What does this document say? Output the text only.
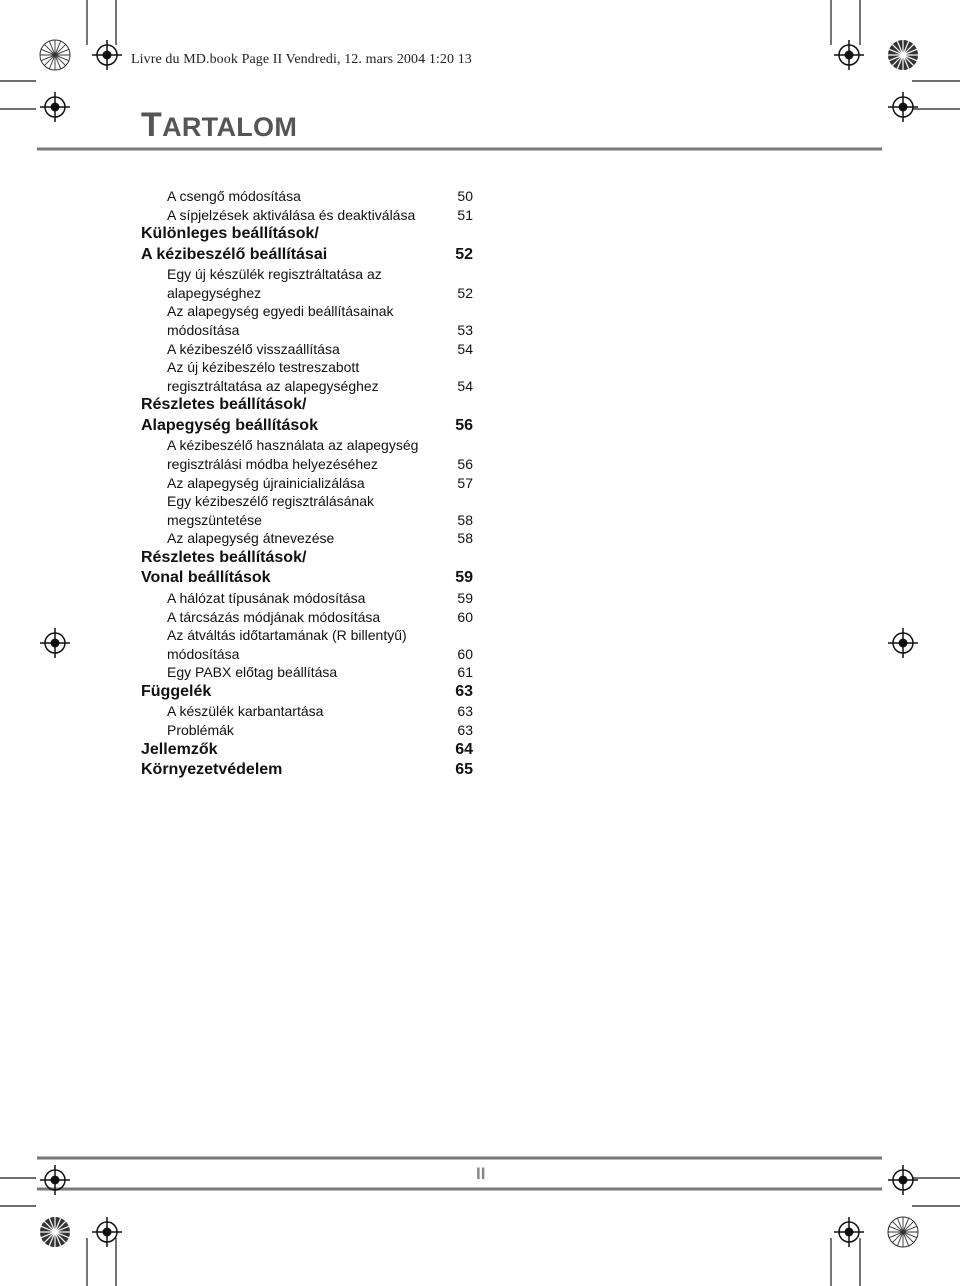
Livre du MD.book Page II Vendredi, 12. mars 2004 1:20 13
TARTALOM
A csengő módosítása	50
A sípjelzések aktiválása és deaktiválása	51
Különleges beállítások/
A kézibeszélő beállításai	52
Egy új készülék regisztráltatása az
alapegységhez	52
Az alapegység egyedi beállításainak
módosítása	53
A kézibeszélő visszaállítása	54
Az új kézibeszélo testreszabott
regisztráltatása az alapegységhez	54
Részletes beállítások/
Alapegység beállítások	56
A kézibeszélő használata az alapegység
regisztrálási módba helyezéséhez	56
Az alapegység újrainicializálása	57
Egy kézibeszélő regisztrálásának
megszüntetése	58
Az alapegység átnevezése	58
Részletes beállítások/
Vonal beállítások	59
A hálózat típusának módosítása	59
A tárcsázás módjának módosítása	60
Az átváltás időtartamának (R billentyű)
módosítása	60
Egy PABX előtag beállítása	61
Függelék	63
A készülék karbantartása	63
Problémák	63
Jellemzők	64
Környezetvédelem	65
II
